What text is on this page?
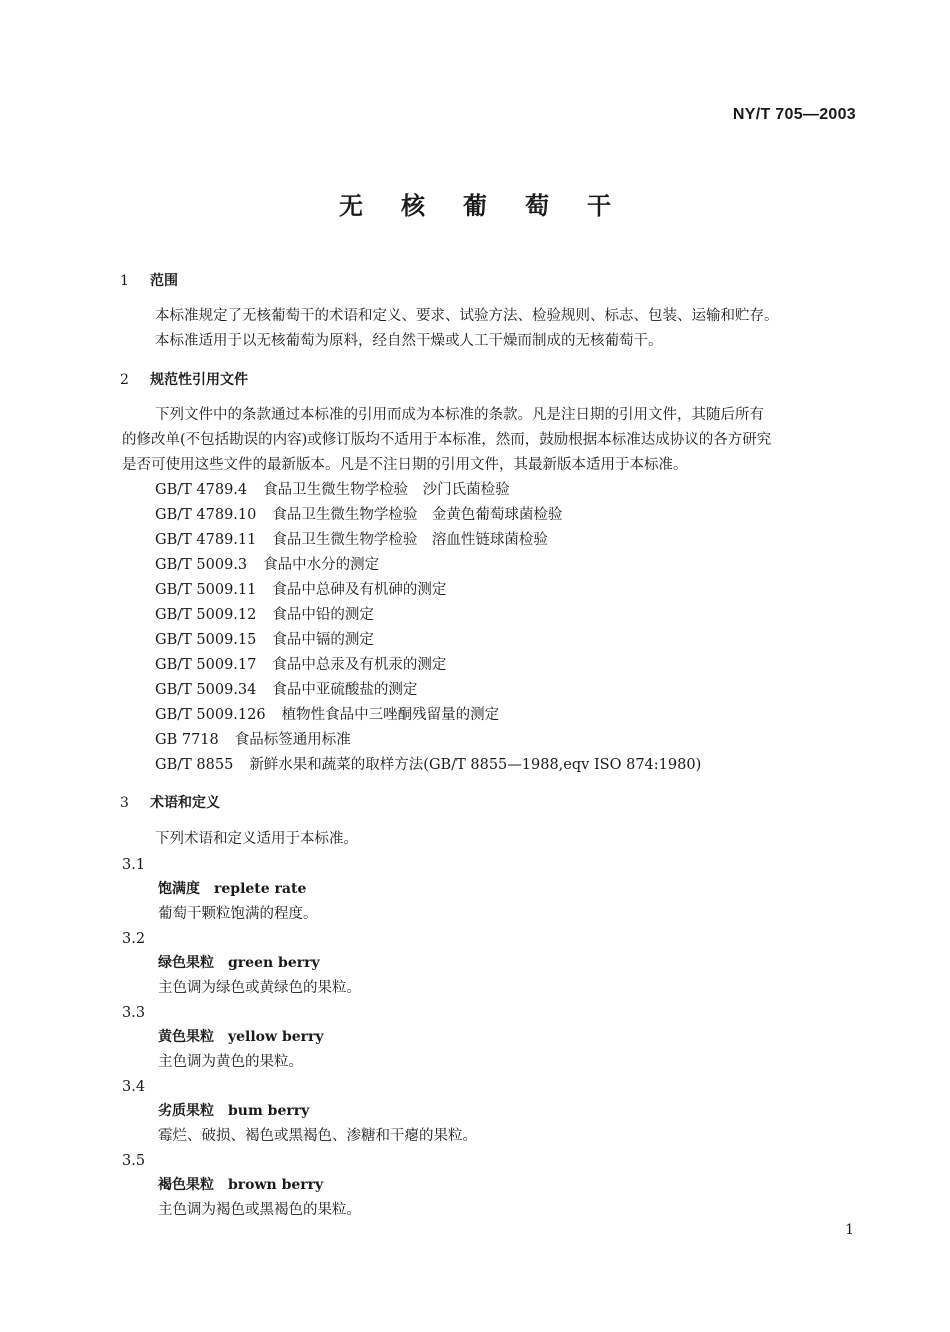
NY/T 705—2003
无核葡萄干
1 范围
本标准规定了无核葡萄干的术语和定义、要求、试验方法、检验规则、标志、包装、运输和贮存。
本标准适用于以无核葡萄为原料，经自然干燥或人工干燥而制成的无核葡萄干。
2 规范性引用文件
下列文件中的条款通过本标准的引用而成为本标准的条款。凡是注日期的引用文件，其随后所有
的修改单(不包括勘误的内容)或修订版均不适用于本标准，然而，鼓励根据本标准达成协议的各方研究
是否可使用这些文件的最新版本。凡是不注日期的引用文件，其最新版本适用于本标准。
GB/T 4789.4 食品卫生微生物学检验　沙门氏菌检验
GB/T 4789.10 食品卫生微生物学检验　金黄色葡萄球菌检验
GB/T 4789.11 食品卫生微生物学检验　溶血性链球菌检验
GB/T 5009.3 食品中水分的测定
GB/T 5009.11 食品中总砷及有机砷的测定
GB/T 5009.12 食品中铅的测定
GB/T 5009.15 食品中镉的测定
GB/T 5009.17 食品中总汞及有机汞的测定
GB/T 5009.34 食品中亚硫酸盐的测定
GB/T 5009.126 植物性食品中三唑酮残留量的测定
GB 7718 食品标签通用标准
GB/T 8855 新鲜水果和蔬菜的取样方法(GB/T 8855—1988,eqv ISO 874:1980)
3 术语和定义
下列术语和定义适用于本标准。
3.1
饱满度 replete rate
葡萄干颗粒饱满的程度。
3.2
绿色果粒 green berry
主色调为绿色或黄绿色的果粒。
3.3
黄色果粒 yellow berry
主色调为黄色的果粒。
3.4
劣质果粒 bum berry
霉烂、破损、褐色或黑褐色、渗糖和干瘪的果粒。
3.5
褐色果粒 brown berry
主色调为褐色或黑褐色的果粒。
1
